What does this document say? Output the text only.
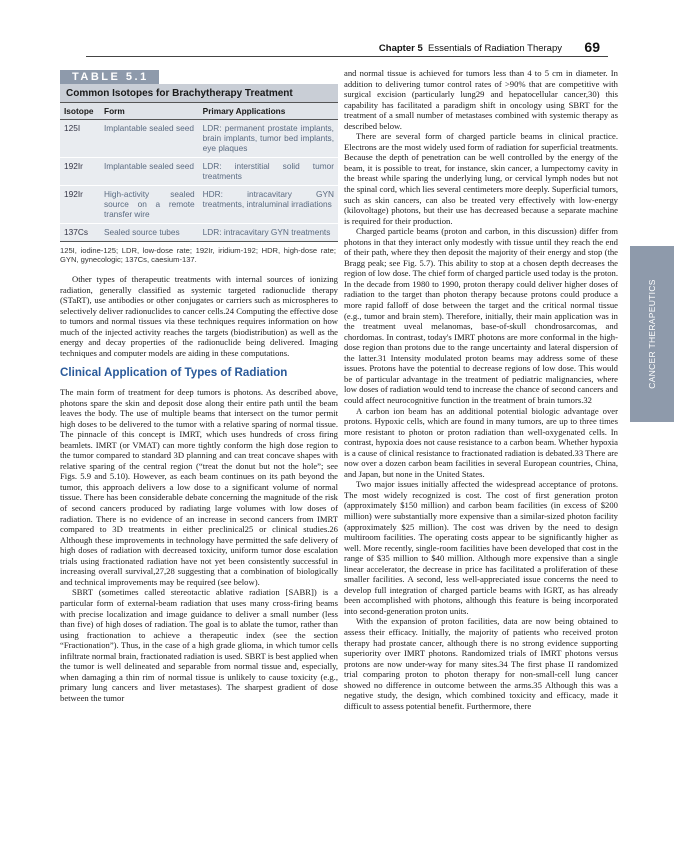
Chapter 5 Essentials of Radiation Therapy 69
CANCER THERAPEUTICS
TABLE 5.1
Common Isotopes for Brachytherapy Treatment
Isotope	Form	Primary Applications
125I	Implantable sealed seed	LDR: permanent prostate implants, brain implants, tumor bed implants, eye plaques
192Ir	Implantable sealed seed	LDR: interstitial solid tumor treatments
192Ir	High-activity sealed source on a remote transfer wire	HDR: intracavitary GYN treatments, intraluminal irradiations
137Cs	Sealed source tubes	LDR: intracavitary GYN treatments
125I, iodine-125; LDR, low-dose rate; 192Ir, iridium-192; HDR, high-dose rate; GYN, gynecologic; 137Cs, caesium-137.

Other types of therapeutic treatments with internal sources of ionizing radiation, generally classified as systemic targeted radionuclide therapy (STaRT), use antibodies or other conjugates or carriers such as microspheres to selectively deliver radionuclides to cancer cells.24 Computing the effective dose to tumors and normal tissues via these techniques requires information on how much of the injected activity reaches the targets (biodistribution) as well as the energy and decay properties of the radionuclide being delivered. Imaging techniques and computer models are aiding in these computations.

Clinical Application of Types of Radiation

The main form of treatment for deep tumors is photons. As described above, photons spare the skin and deposit dose along their entire path until the beam leaves the body. The use of multiple beams that intersect on the tumor permit high doses to be delivered to the tumor with a relative sparing of normal tissue. The pinnacle of this concept is IMRT, which uses hundreds of cross firing beamlets. IMRT (or VMAT) can more tightly conform the high dose region to the tumor compared to standard 3D planning and can treat concave shapes with relative sparing of the central region (“treat the donut but not the hole”; see Figs. 5.9 and 5.10). However, as each beam continues on its path beyond the tumor, this approach delivers a low dose to a significant volume of normal tissue. There has been considerable debate concerning the magnitude of the risk of second cancers produced by radiating large volumes with low doses of radiation. There is no evidence of an increase in second cancers from IMRT compared to 3D treatments in either preclinical25 or clinical studies.26 Although these improvements in technology have permitted the safe delivery of high doses of radiation with decreased toxicity, uniform tumor dose escalation trials using fractionated radiation have not yet been consistently successful in increasing overall survival,27,28 suggesting that a combination of biologically and technical improvements may be required (see below).

SBRT (sometimes called stereotactic ablative radiation [SABR]) is a particular form of external-beam radiation that uses many cross-firing beams with precise localization and image guidance to deliver a small number (less than five) of high doses of radiation. The goal is to ablate the tumor, rather than using fractionation to achieve a therapeutic index (see the section “Fractionation”). Thus, in the case of a high grade glioma, in which tumor cells infiltrate normal brain, fractionated radiation is used. SBRT is best applied when the tumor is well delineated and separable from normal tissue and, especially, when damaging a thin rim of normal tissue is unlikely to cause toxicity (e.g., primary lung cancers and liver metastases). The sharpest gradient of dose between the tumor

and normal tissue is achieved for tumors less than 4 to 5 cm in diameter. In addition to delivering tumor control rates of >90% that are competitive with surgical excision (particularly lung29 and hepatocellular cancer,30) this capability has facilitated a paradigm shift in oncology using SBRT for the treatment of a small number of metastases combined with systemic therapy as described below.

There are several form of charged particle beams in clinical practice. Electrons are the most widely used form of radiation for superficial treatments. Because the depth of penetration can be well controlled by the energy of the beam, it is possible to treat, for instance, skin cancer, a lumpectomy cavity in the breast while sparing the underlying lung, or cervical lymph nodes but not the spinal cord, which lies several centimeters more deeply. Superficial tumors, such as skin cancers, can also be treated very effectively with low-energy (kilovoltage) photons, but their use has decreased because a separate machine is required for their production.

Charged particle beams (proton and carbon, in this discussion) differ from photons in that they interact only modestly with tissue until they reach the end of their path, where they then deposit the majority of their energy and stop (the Bragg peak; see Fig. 5.7). This ability to stop at a chosen depth decreases the region of low dose. The chief form of charged particle used today is the proton. In the decade from 1980 to 1990, proton therapy could deliver higher doses of radiation to the target than photon therapy because protons could produce a more rapid falloff of dose between the target and the critical normal tissue (e.g., tumor and brain stem). Therefore, initially, their main application was in the treatment uveal melanomas, base-of-skull chondrosarcomas, and chordomas. In contrast, today's IMRT photons are more conformal in the high-dose region than protons due to the range uncertainty and lateral dispersion of the latter.31 Intensity modulated proton beams may address some of these issues. Protons have the potential to decrease regions of low dose. This would be of particular advantage in the treatment of pediatric malignancies, where low doses of radiation would tend to increase the chance of second cancers and could affect neurocognitive function in the treatment of brain tumors.32

A carbon ion beam has an additional potential biologic advantage over protons. Hypoxic cells, which are found in many tumors, are up to three times more resistant to photon or proton radiation than well-oxygenated cells. In contrast, hypoxia does not cause resistance to a carbon beam. Whether hypoxia is a cause of clinical resistance to fractionated radiation is debated.33 There are now over a dozen carbon beam facilities in several European countries, China, and Japan, but none in the United States.

Two major issues initially affected the widespread acceptance of protons. The most widely recognized is cost. The cost of first generation proton (approximately $150 million) and carbon beam facilities (in excess of $200 million) were substantially more expensive than a similar-sized photon facility (approximately $25 million). The cost was driven by the need to design multiroom facilities. The operating costs appear to be significantly higher as well. More recently, single-room facilities have been developed that cost in the range of $35 million to $40 million. Although more expensive than a single linear accelerator, the decrease in price has facilitated a proliferation of these smaller facilities. A second, less well-appreciated issue concerns the need to develop full integration of charged particle beams with IGRT, as has already been accomplished with photons, although this feature is being incorporated into second-generation proton units.

With the expansion of proton facilities, data are now being obtained to assess their efficacy. Initially, the majority of patients who received proton therapy had prostate cancer, although there is no strong evidence supporting superiority over IMRT photons. Randomized trials of IMRT photons versus protons are now under-way for many sites.34 The first phase II randomized trial comparing proton to photon therapy for non-small-cell lung cancer showed no difference in outcome between the arms.35 Although this was a negative study, the design, which combined toxicity and efficacy, made it difficult to assess potential benefit. Furthermore, there
